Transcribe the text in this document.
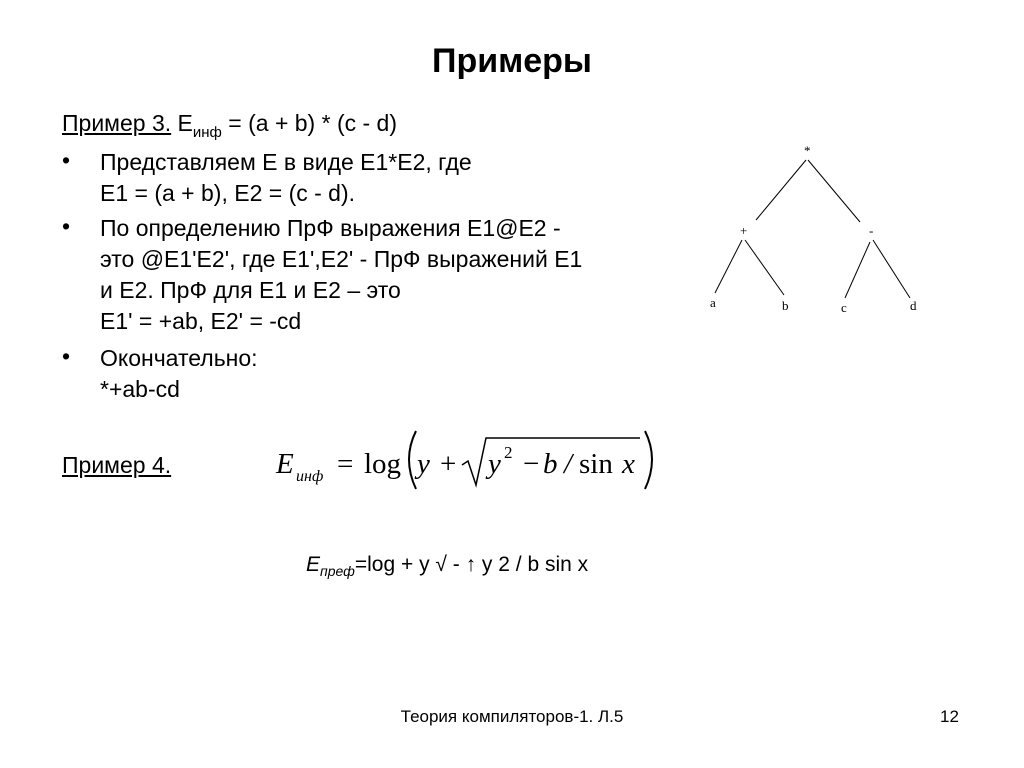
Примеры
Пример 3. $E_{инф} = (a + b) * (c - d)$
• Представляем Е в виде Е1*Е2, где
Е1 = (a + b), Е2 = (c - d).
• По определению ПрФ выражения Е1@Е2 -
это @Е1'Е2', где Е1',Е2' - ПрФ выражений Е1
и Е2. ПрФ для Е1 и Е2 – это
Е1' = +ab, Е2' = -cd
• Окончательно:
*+ab-cd
*
+	-
a	b	c	d
Пример 4.	E инф = log y + y 2 − b / sin x
$E_{преф}=\log + y$ √ - ↑ y 2 / b sin x
Теория компиляторов-1. Л.5	12
